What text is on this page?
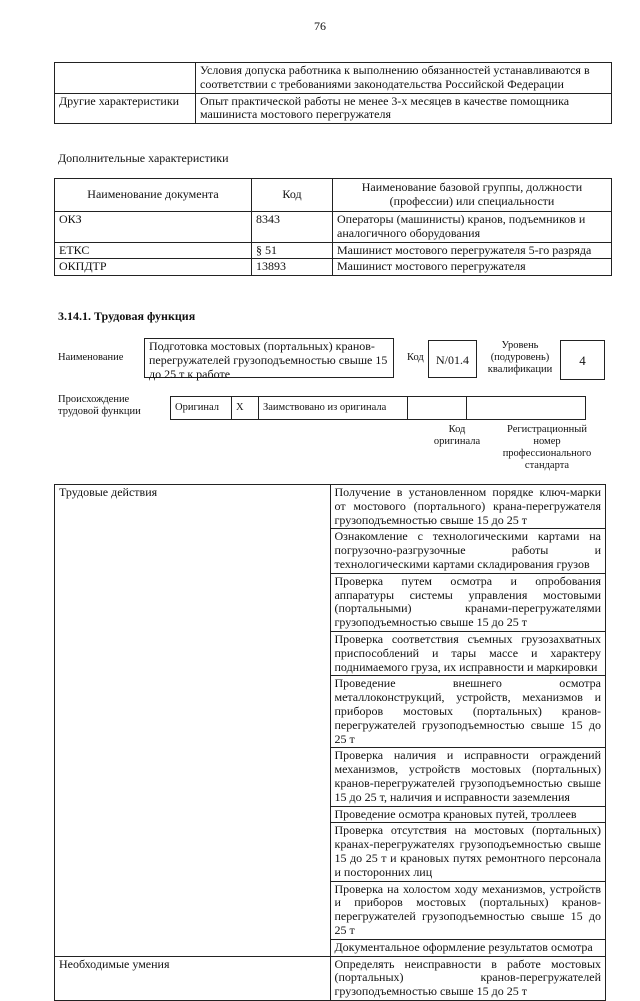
76
	Условия допуска работника к выполнению обязанностей устанавливаются в соответствии с требованиями законодательства Российской Федерации
Другие характеристики	Опыт практической работы не менее 3-х месяцев в качестве помощника машиниста мостового перегружателя
Дополнительные характеристики
Наименование документа	Код	Наименование базовой группы, должности (профессии) или специальности
ОКЗ	8343	Операторы (машинисты) кранов, подъемников и аналогичного оборудования
ЕТКС	§ 51	Машинист мостового перегружателя 5-го разряда
ОКПДТР	13893	Машинист мостового перегружателя
3.14.1. Трудовая функция
Наименование
Подготовка мостовых (портальных) кранов-перегружателей грузоподъемностью свыше 15 до 25 т к работе
Код	N/01.4
Уровень (подуровень) квалификации
4
Происхождение трудовой функции	Оригинал	X	Заимствовано из оригинала		
Код оригинала
Регистрационный номер профессионального стандарта
Трудовые действия	Получение в установленном порядке ключ-марки от мостового (портального) крана-перегружателя грузоподъемностью свыше 15 до 25 т
	Ознакомление с технологическими картами на погрузочно-разгрузочные работы и технологическими картами складирования грузов
	Проверка путем осмотра и опробования аппаратуры системы управления мостовыми (портальными) кранами-перегружателями грузоподъемностью свыше 15 до 25 т
	Проверка соответствия съемных грузозахватных приспособлений и тары массе и характеру поднимаемого груза, их исправности и маркировки
	Проведение внешнего осмотра металлоконструкций, устройств, механизмов и приборов мостовых (портальных) кранов-перегружателей грузоподъемностью свыше 15 до 25 т
	Проверка наличия и исправности ограждений механизмов, устройств мостовых (портальных) кранов-перегружателей грузоподъемностью свыше 15 до 25 т, наличия и исправности заземления
	Проведение осмотра крановых путей, троллеев
	Проверка отсутствия на мостовых (портальных) кранах-перегружателях грузоподъемностью свыше 15 до 25 т и крановых путях ремонтного персонала и посторонних лиц
	Проверка на холостом ходу механизмов, устройств и приборов мостовых (портальных) кранов-перегружателей грузоподъемностью свыше 15 до 25 т
	Документальное оформление результатов осмотра
Необходимые умения	Определять неисправности в работе мостовых (портальных) кранов-перегружателей грузоподъемностью свыше 15 до 25 т
